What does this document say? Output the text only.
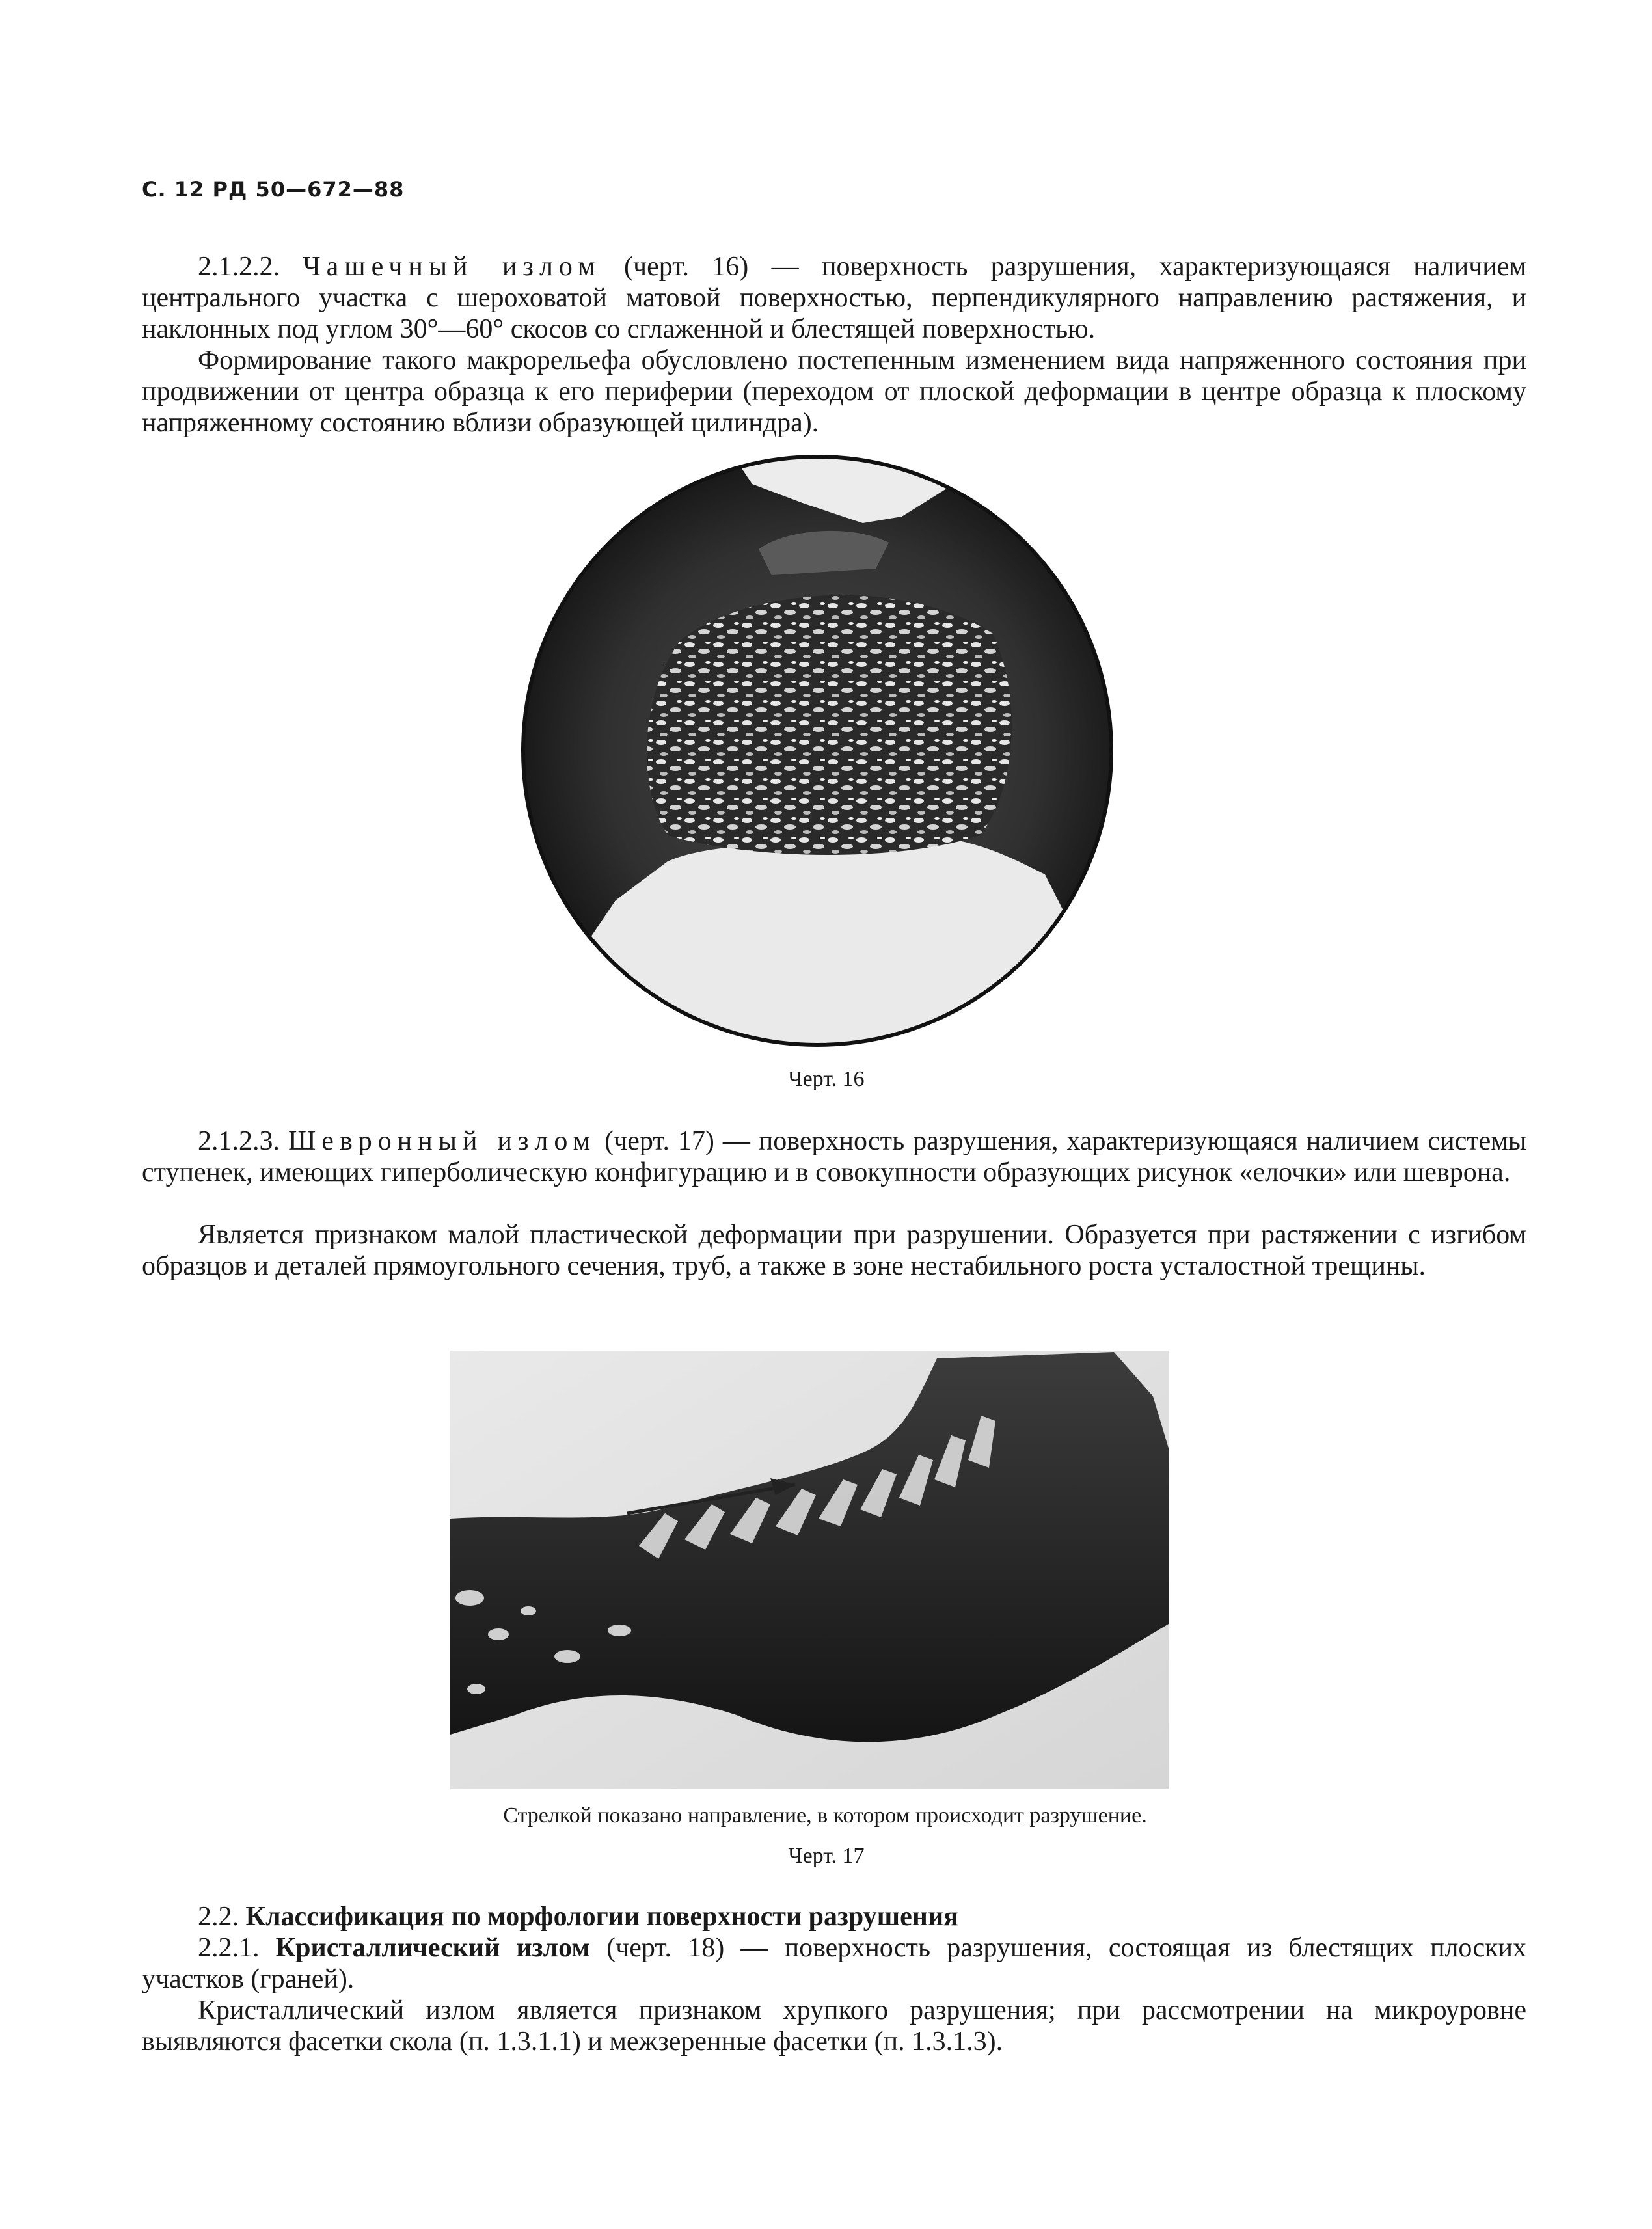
С. 12 РД 50—672—88

2.1.2.2. Чашечный излом (черт. 16) — поверхность разрушения, характеризующаяся наличием центрального участка с шероховатой матовой поверхностью, перпендикулярного направлению растяжения, и наклонных под углом 30°—60° скосов со сглаженной и блестящей поверхностью.

Формирование такого макрорельефа обусловлено постепенным изменением вида напряженного состояния при продвижении от центра образца к его периферии (переходом от плоской деформации в центре образца к плоскому напряженному состоянию вблизи образующей цилиндра).

Черт. 16

2.1.2.3. Шевронный излом (черт. 17) — поверхность разрушения, характеризующаяся наличием системы ступенек, имеющих гиперболическую конфигурацию и в совокупности образующих рисунок «елочки» или шеврона.

Является признаком малой пластической деформации при разрушении. Образуется при растяжении с изгибом образцов и деталей прямоугольного сечения, труб, а также в зоне нестабильного роста усталостной трещины.

Стрелкой показано направление, в котором происходит разрушение.
Черт. 17

2.2. Классификация по морфологии поверхности разрушения

2.2.1. Кристаллический излом (черт. 18) — поверхность разрушения, состоящая из блестящих плоских участков (граней).

Кристаллический излом является признаком хрупкого разрушения; при рассмотрении на микроуровне выявляются фасетки скола (п. 1.3.1.1) и межзеренные фасетки (п. 1.3.1.3).
